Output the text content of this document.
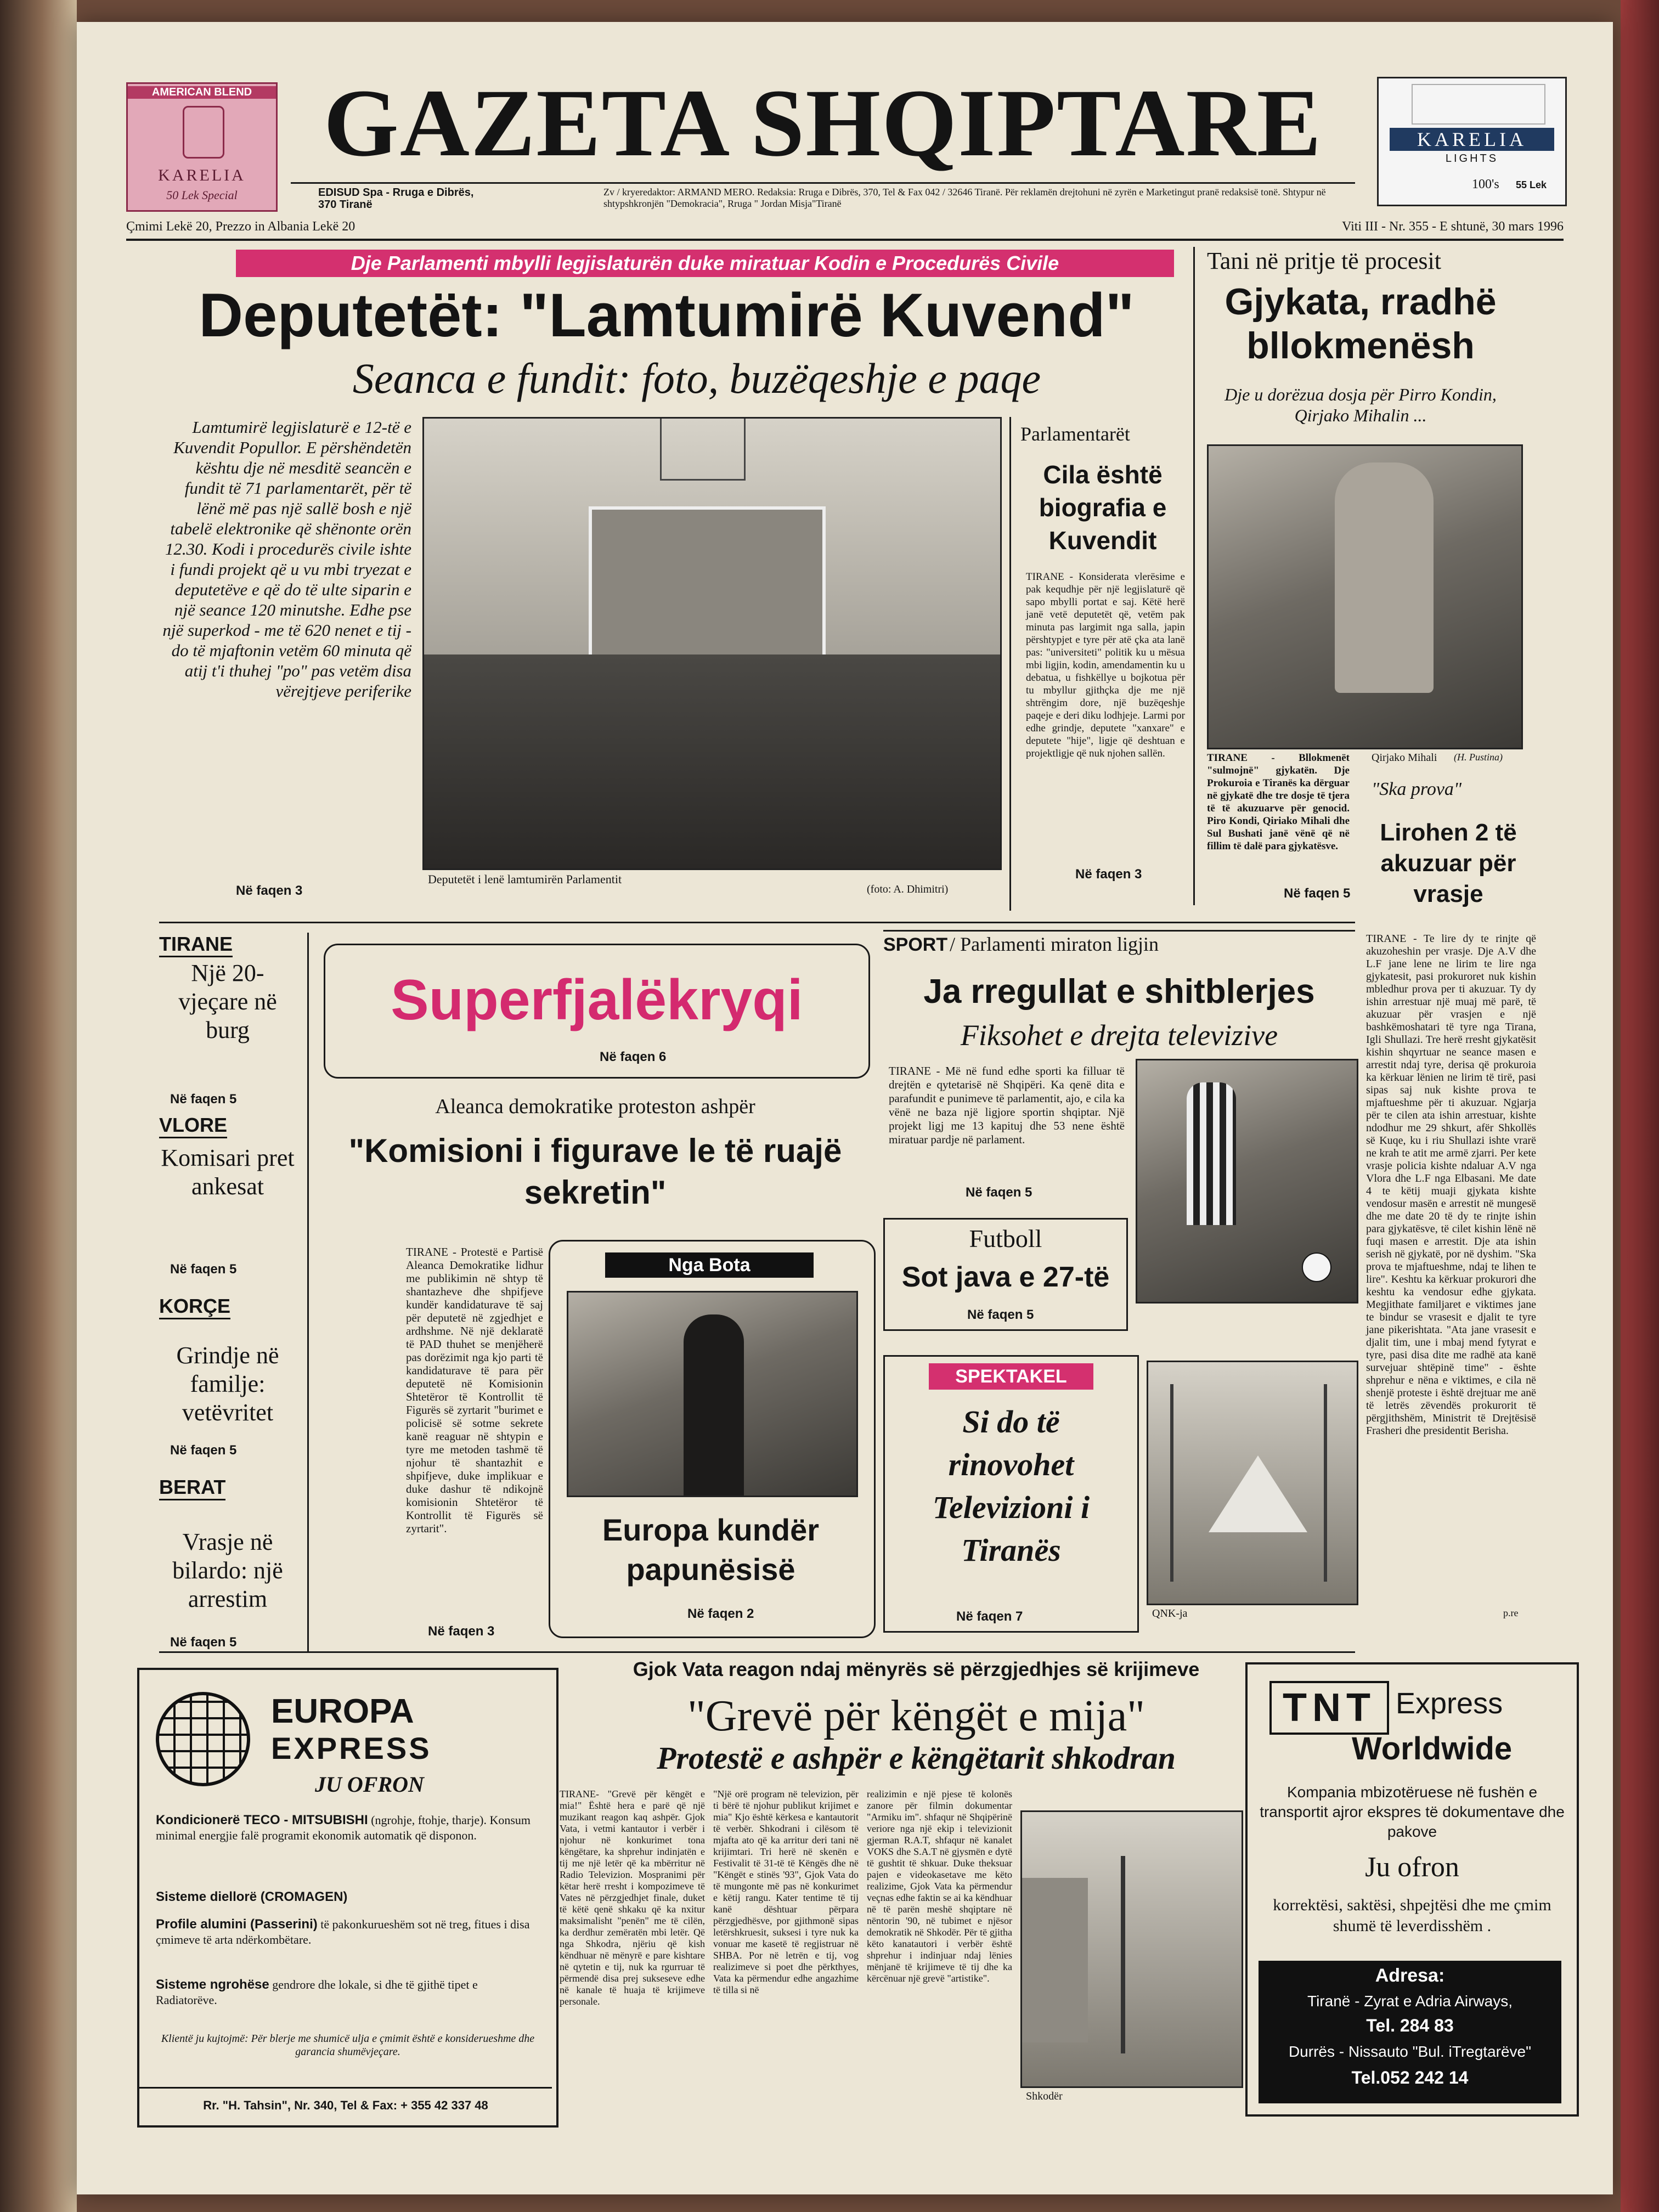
AMERICAN BLEND
KARELIA
50 Lek Special
GAZETA SHQIPTARE
EDISUD Spa - Rruga e Dibrës, 370 Tiranë
Zv / kryeredaktor: ARMAND MERO. Redaksia: Rruga e Dibrës, 370, Tel & Fax 042 / 32646 Tiranë. Për reklamën drejtohuni në zyrën e Marketingut pranë redaksisë tonë. Shtypur në shtypshkronjën "Demokracia", Rruga " Jordan Misja"Tiranë
KARELIA
LIGHTS
100's 55 Lek
Çmimi Lekë 20, Prezzo in Albania Lekë 20	Viti III - Nr. 355 - E shtunë, 30 mars 1996
Dje Parlamenti mbylli legjislaturën duke miratuar Kodin e Procedurës Civile
Deputetët: "Lamtumirë Kuvend"
Seanca e fundit: foto, buzëqeshje e paqe
Lamtumirë legjislaturë e 12-të e Kuvendit Popullor. E përshëndetën kështu dje në mesditë seancën e fundit të 71 parlamentarët, për të lënë më pas një sallë bosh e një tabelë elektronike që shënonte orën 12.30. Kodi i procedurës civile ishte i fundi projekt që u vu mbi tryezat e deputetëve e që do të ulte siparin e një seance 120 minutshe. Edhe pse një superkod - me të 620 nenet e tij - do të mjaftonin vetëm 60 minuta që atij t'i thuhej "po" pas vetëm disa vërejtjeve periferike
Në faqen 3
Deputetët i lenë lamtumirën Parlamentit
(foto: A. Dhimitri)
Parlamentarët
Cila është biografia e Kuvendit
TIRANE - Konsiderata vlerësime e pak kequdhje për një legjislaturë që sapo mbylli portat e saj. Këtë herë janë vetë deputetët që, vetëm pak minuta pas largimit nga salla, japin përshtypjet e tyre për atë çka ata lanë pas: "universiteti" politik ku u mësua mbi ligjin, kodin, amendamentin ku u debatua, u fishkëllye u bojkotua për tu mbyllur gjithçka dje me një shtrëngim dore, një buzëqeshje paqeje e deri diku lodhjeje. Larmi por edhe grindje, deputete "xanxare" e deputete "hije", ligje që deshtuan e projektligje që nuk njohen sallën.
Në faqen 3
Tani në pritje të procesit
Gjykata, rradhë bllokmenësh
Dje u dorëzua dosja për Pirro Kondin, Qirjako Mihalin ...
TIRANE - Bllokmenët "sulmojnë" gjykatën. Dje Prokuroia e Tiranës ka dërguar në gjykatë dhe tre dosje të tjera të të akuzuarve për genocid. Piro Kondi, Qiriako Mihali dhe Sul Bushati janë vënë që në fillim të dalë para gjykatësve.
Qirjako Mihali (H. Pustina)
Në faqen 5
"Ska prova"
Lirohen 2 të akuzuar për vrasje
TIRANE - Te lire dy te rinjte që akuzoheshin per vrasje. Dje A.V dhe L.F jane lene ne lirim te lire nga gjykatesit, pasi prokuroret nuk kishin mbledhur prova per ti akuzuar. Ty dy ishin arrestuar një muaj më parë, të akuzuar për vrasjen e një bashkëmoshatari të tyre nga Tirana, Igli Shullazi. Tre herë rresht gjykatësit kishin shqyrtuar ne seance masen e arrestit ndaj tyre, derisa që prokuroia ka kërkuar lënien ne lirim të tirë, pasi sipas saj nuk kishte prova te mjaftueshme për ti akuzuar. Ngjarja për te cilen ata ishin arrestuar, kishte ndodhur me 29 shkurt, afër Shkollës së Kuqe, ku i riu Shullazi ishte vrarë ne krah te atit me armë zjarri. Per kete vrasje policia kishte ndaluar A.V nga Vlora dhe L.F nga Elbasani. Me date 4 te këtij muaji gjykata kishte vendosur masën e arrestit në mungesë dhe me date 20 të dy te rinjte ishin para gjykatësve, të cilet kishin lënë në fuqi masen e arrestit. Dje ata ishin serish në gjykatë, por në dyshim. "Ska prova te mjaftueshme, ndaj te lihen te lire". Keshtu ka kërkuar prokurori dhe keshtu ka vendosur edhe gjykata. Megjithate familjaret e viktimes jane te bindur se vrasesit e djalit te tyre jane pikerishtata. "Ata jane vrasesit e djalit tim, une i mbaj mend fytyrat e tyre, pasi disa dite me radhë ata kanë survejuar shtëpinë time" - ështe shprehur e nëna e viktimes, e cila në shenjë proteste i është drejtuar me anë të letrës zëvendës prokurorit të përgjithshëm, Ministrit të Drejtësisë Frasheri dhe presidentit Berisha.
p.re
TIRANE
Një 20-vjeçare në burg
Në faqen 5
VLORE
Komisari pret ankesat
Në faqen 5
KORÇE
Grindje në familje: vetëvritet
Në faqen 5
BERAT
Vrasje në bilardo: një arrestim
Në faqen 5
Superfjalëkryqi
Në faqen 6
Aleanca demokratike proteston ashpër
"Komisioni i figurave le të ruajë sekretin"
TIRANE - Protestë e Partisë Aleanca Demokratike lidhur me publikimin në shtyp të shantazheve dhe shpifjeve kundër kandidaturave të saj për deputetë në zgjedhjet e ardhshme. Në një deklaratë të PAD thuhet se menjëherë pas dorëzimit nga kjo parti të kandidaturave të para për deputetë në Komisionin Shtetëror të Kontrollit të Figurës së zyrtarit "burimet e policisë së sotme sekrete kanë reaguar në shtypin e tyre me metoden tashmë të njohur të shantazhit e shpifjeve, duke implikuar e duke dashur të ndikojnë komisionin Shtetëror të Kontrollit të Figurës së zyrtarit".
Në faqen 3
Nga Bota
Europa kundër papunësisë
Në faqen 2
SPORT / Parlamenti miraton ligjin
Ja rregullat e shitblerjes
Fiksohet e drejta televizive
TIRANE - Më në fund edhe sporti ka filluar të drejtën e qytetarisë në Shqipëri. Ka qenë dita e parafundit e punimeve të parlamentit, ajo, e cila ka vënë ne baza një ligjore sportin shqiptar. Një projekt ligj me 13 kapituj dhe 53 nene është miratuar pardje në parlament.
Në faqen 5
Futboll
Sot java e 27-të
Në faqen 5
SPEKTAKEL
Si do të rinovohet Televizioni i Tiranës
Në faqen 7	QNK-ja
Gjok Vata reagon ndaj mënyrës së përzgjedhjes së krijimeve
"Grevë për këngët e mija"
Protestë e ashpër e këngëtarit shkodran
TIRANE- "Grevë për këngët e mia!" Është hera e parë që një muzikant reagon kaq ashpër. Gjok Vata, i vetmi kantautor i verbër i njohur në konkurimet tona këngëtare, ka shprehur indinjatën e tij me një letër që ka mbërritur në Radio Televizion. Mospranimi për këtar herë rresht i kompozimeve të Vates në përzgjedhjet finale, duket të këtë qenë shkaku që ka nxitur maksimalisht "penën" me të cilën, ka derdhur zemëratën mbi letër. Që nga Shkodra, njëriu që kish këndhuar në mënyrë e pare kishtare në qytetin e tij, nuk ka rgurruar të përmendë disa prej sukseseve edhe në kanale të huaja të krijimeve personale.
"Një orë program në televizion, për ti bërë të njohur publikut krijimet e mia" Kjo është kërkesa e kantautorit të verbër. Shkodrani i cilësom të mjafta ato që ka arritur deri tani në krijimtari. Tri herë në skenën e Festivalit të 31-të të Këngës dhe në "Këngët e stinës '93", Gjok Vata do të mungonte më pas në konkurimet e këtij rangu. Kater tentime të tij kanë dështuar përpara përzgjedhësve, por gjithmonë sipas letërshkruesit, suksesi i tyre nuk ka vonuar me kasetë të regjistruar në SHBA. Por në letrën e tij, vog realizimeve si poet dhe përkthyes, Vata ka përmendur edhe angazhime të tilla si në
realizimin e një pjese të kolonës zanore për filmin dokumentar "Armiku im". shfaqur në Shqipërinë veriore nga një ekip i televizionit gjerman R.A.T, shfaqur në kanalet VOKS dhe S.A.T në gjysmën e dytë të gushtit të shkuar. Duke theksuar pajen e videokasetave me këto realizime, Gjok Vata ka përmendur veçnas edhe faktin se ai ka këndhuar në të parën meshë shqiptare në nëntorin '90, në tubimet e njësor demokratik në Shkodër. Për të gjitha këto kanatautori i verbër është shprehur i indinjuar ndaj lënies mënjanë të krijimeve të tij dhe ka kërcënuar një grevë "artistike".
Shkodër
EUROPA
EXPRESS
JU OFRON
Kondicionerë TECO - MITSUBISHI (ngrohje, ftohje, tharje). Konsum minimal energjie falë programit ekonomik automatik që disponon.
Sisteme diellorë (CROMAGEN)
Profile alumini (Passerini) të pakonkurueshëm sot në treg, fitues i disa çmimeve të arta ndërkombëtare.
Sisteme ngrohëse gendrore dhe lokale, si dhe të gjithë tipet e Radiatorëve.
Klientë ju kujtojmë: Për blerje me shumicë ulja e çmimit është e konsiderueshme dhe garancia shumëvjeçare.
Rr. "H. Tahsin", Nr. 340, Tel & Fax: + 355 42 337 48
TNT Express
Worldwide
Kompania mbizotëruese në fushën e transportit ajror ekspres të dokumentave dhe pakove
Ju ofron
korrektësi, saktësi, shpejtësi dhe me çmim shumë të leverdisshëm .
Adresa:
Tiranë - Zyrat e Adria Airways,
Tel. 284 83
Durrës - Nissauto "Bul. iTregtarëve"
Tel.052 242 14
